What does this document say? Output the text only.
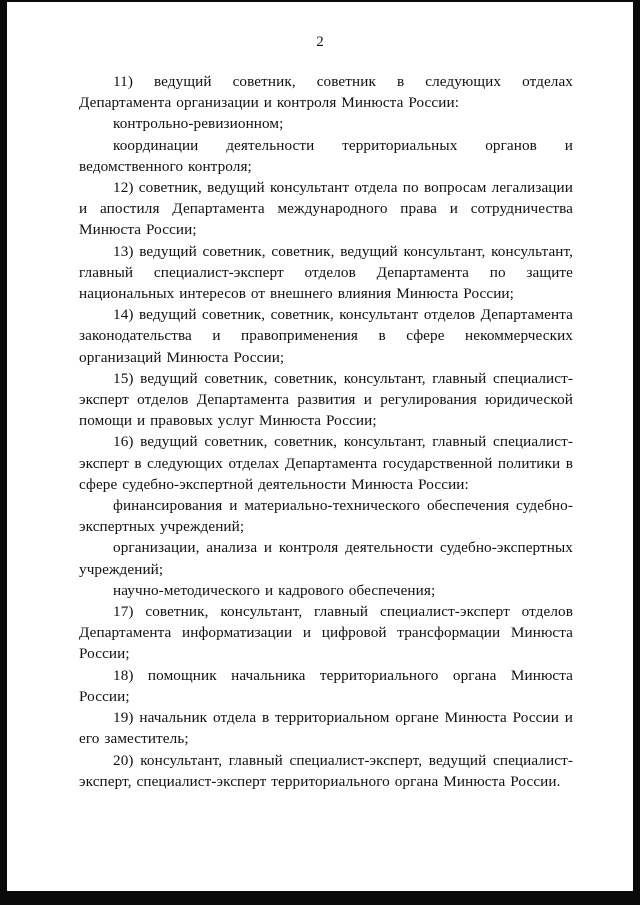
2

11) ведущий советник, советник в следующих отделах Департамента организации и контроля Минюста России:

контрольно-ревизионном;

координации деятельности территориальных органов и ведомственного контроля;

12) советник, ведущий консультант отдела по вопросам легализации и апостиля Департамента международного права и сотрудничества Минюста России;

13) ведущий советник, советник, ведущий консультант, консультант, главный специалист-эксперт отделов Департамента по защите национальных интересов от внешнего влияния Минюста России;

14) ведущий советник, советник, консультант отделов Департамента законодательства и правоприменения в сфере некоммерческих организаций Минюста России;

15) ведущий советник, советник, консультант, главный специалист-эксперт отделов Департамента развития и регулирования юридической помощи и правовых услуг Минюста России;

16) ведущий советник, советник, консультант, главный специалист-эксперт в следующих отделах Департамента государственной политики в сфере судебно-экспертной деятельности Минюста России:

финансирования и материально-технического обеспечения судебно-экспертных учреждений;

организации, анализа и контроля деятельности судебно-экспертных учреждений;

научно-методического и кадрового обеспечения;

17) советник, консультант, главный специалист-эксперт отделов Департамента информатизации и цифровой трансформации Минюста России;

18) помощник начальника территориального органа Минюста России;

19) начальник отдела в территориальном органе Минюста России и его заместитель;

20) консультант, главный специалист-эксперт, ведущий специалист-эксперт, специалист-эксперт территориального органа Минюста России.
